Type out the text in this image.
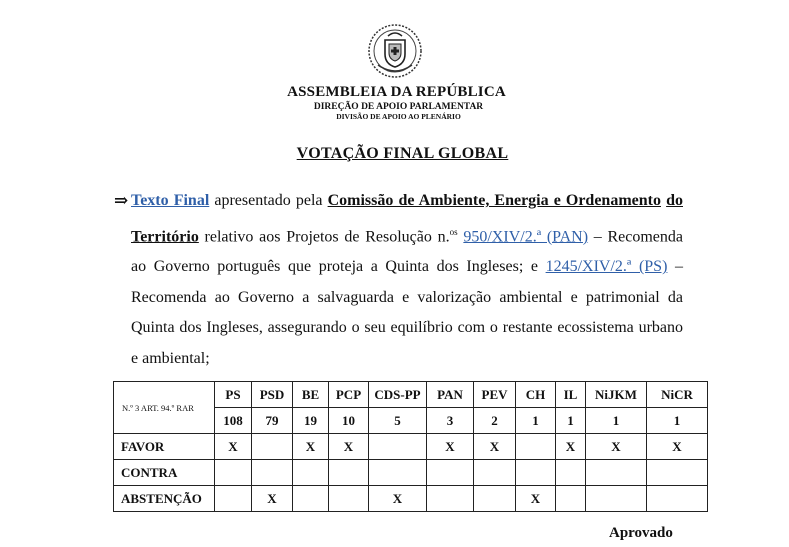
ASSEMBLEIA DA REPÚBLICA
DIREÇÃO DE APOIO PARLAMENTAR
DIVISÃO DE APOIO AO PLENÁRIO
VOTAÇÃO FINAL GLOBAL
⇒ Texto Final apresentado pela Comissão de Ambiente, Energia e Ordenamento do Território relativo aos Projetos de Resolução n.$^{os}$ 950/XIV/2.ª (PAN) – Recomenda ao Governo português que proteja a Quinta dos Ingleses; e 1245/XIV/2.ª (PS) – Recomenda ao Governo a salvaguarda e valorização ambiental e patrimonial da Quinta dos Ingleses, assegurando o seu equilíbrio com o restante ecossistema urbano e ambiental;
N.º 3 ART. 94.º RAR	PS	PSD	BE	PCP	CDS-PP	PAN	PEV	CH	IL	NiJKM	NiCR
	108	79	19	10	5	3	2	1	1	1	1
FAVOR	X		X	X		X	X		X	X	X
CONTRA											
ABSTENÇÃO		X			X			X			
Aprovado
